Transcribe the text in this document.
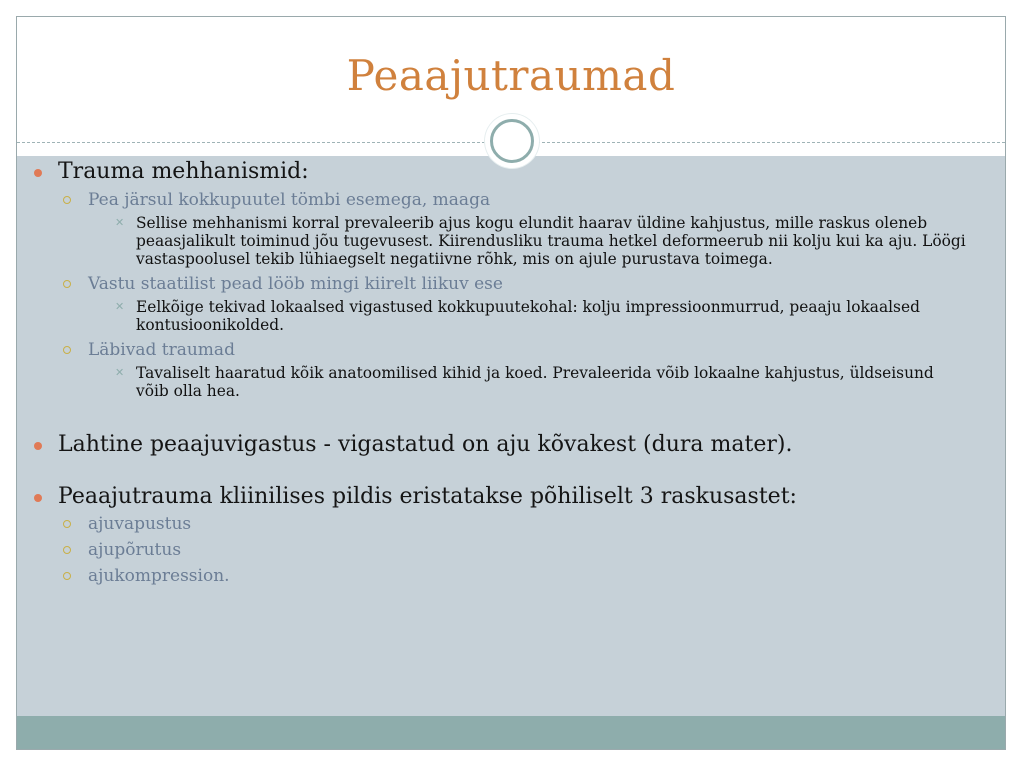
Peaajutraumad
Trauma mehhanismid:
Pea järsul kokkupuutel tömbi esemega, maaga
✕ Sellise mehhanismi korral prevaleerib ajus kogu elundit haarav üldine kahjustus, mille raskus oleneb peaasjalikult toiminud jõu tugevusest. Kiirendusliku trauma hetkel deformeerub nii kolju kui ka aju. Löögi vastaspoolusel tekib lühiaegselt negatiivne rõhk, mis on ajule purustava toimega.
Vastu staatilist pead lööb mingi kiirelt liikuv ese
✕ Eelkõige tekivad lokaalsed vigastused kokkupuutekohal: kolju impressioonmurrud, peaaju lokaalsed kontusioonikolded.
Läbivad traumad
✕ Tavaliselt haaratud kõik anatoomilised kihid ja koed. Prevaleerida võib lokaalne kahjustus, üldseisund võib olla hea.
Lahtine peaajuvigastus - vigastatud on aju kõvakest (dura mater).
Peaajutrauma kliinilises pildis eristatakse põhiliselt 3 raskusastet:
ajuvapustus
ajupõrutus
ajukompression.
